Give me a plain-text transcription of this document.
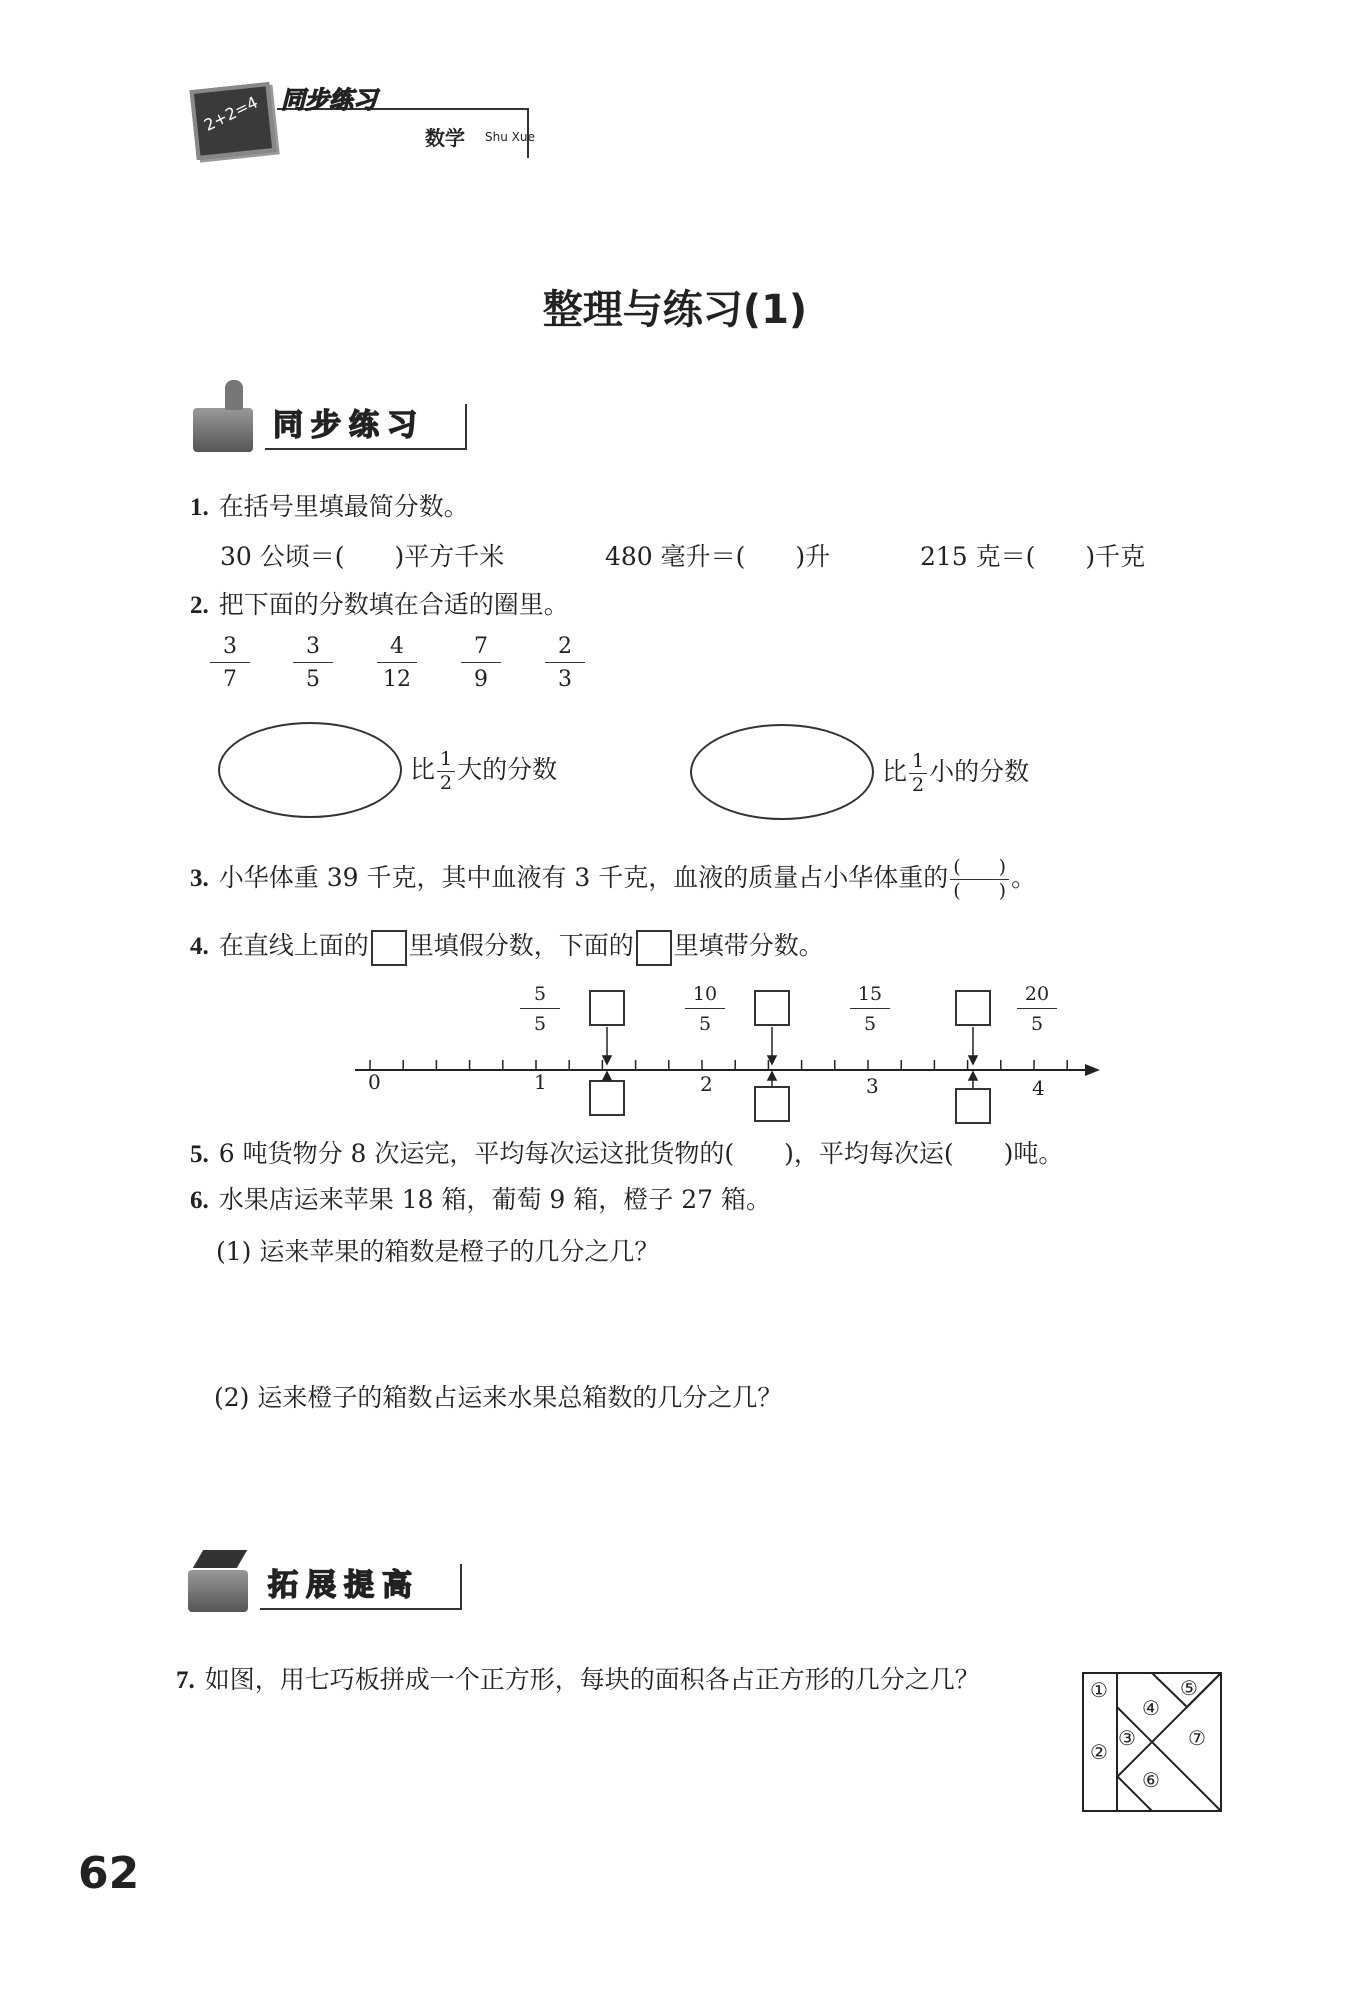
2+2=4 同步练习
数学 Shu Xue
整理与练习(1)
同步练习
1. 在括号里填最简分数。
30 公顷＝(　　)平方千米	480 毫升＝(　　)升	215 克＝(　　)千克
2. 把下面的分数填在合适的圈里。
$\frac{3}{7} \frac{3}{5} \frac{4}{12} \frac{7}{9} \frac{2}{3}$
比 $\frac{1}{2}$ 大的分数	比 $\frac{1}{2}$ 小的分数
3. 小华体重 39 千克，其中血液有 3 千克，血液的质量占小华体重的 (　　)
(　　) 。
4. 在直线上面的 里填假分数，下面的 里填带分数。
$\frac{5}{5}$	$\frac{10}{5}$	$\frac{15}{5}$	$\frac{20}{5}$
0	1	2	3	4
5. 6 吨货物分 8 次运完，平均每次运这批货物的(　　)，平均每次运(　　)吨。
6. 水果店运来苹果 18 箱，葡萄 9 箱，橙子 27 箱。
(1) 运来苹果的箱数是橙子的几分之几？
(2) 运来橙子的箱数占运来水果总箱数的几分之几？
拓展提高
7. 如图，用七巧板拼成一个正方形，每块的面积各占正方形的几分之几？	①
②
③
④
⑤
⑥
⑦
62
